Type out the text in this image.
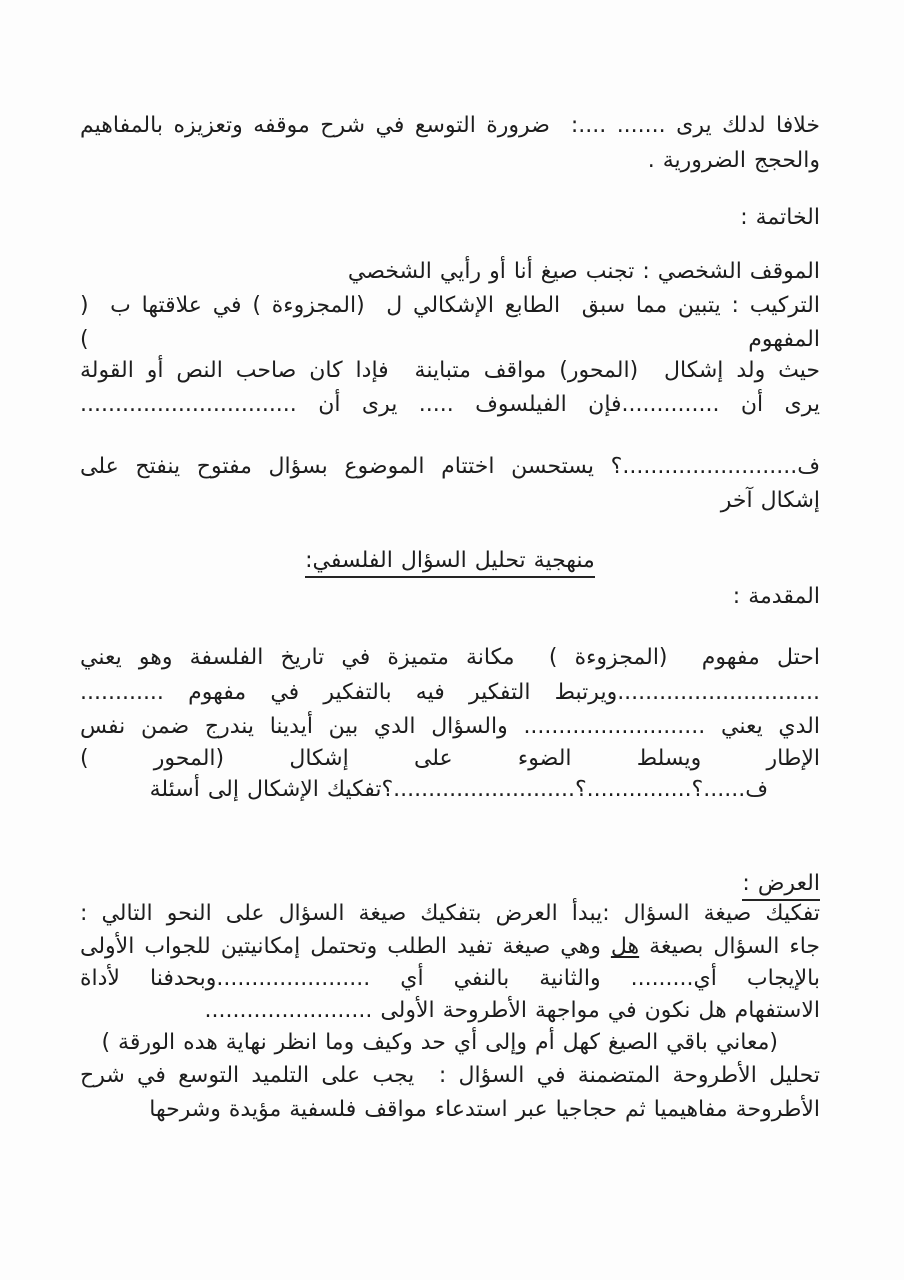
خلافا لدلك يرى ....... ....:  ضرورة التوسع في شرح موقفه وتعزيزه بالمفاهيم
والحجج الضرورية .
الخاتمة :
الموقف الشخصي : تجنب صيغ أنا أو رأيي الشخصي
التركيب : يتبين مما سبق  الطابع الإشكالي ل  (المجزوءة ) في علاقتها ب  (
المفهوم )
حيث ولد إشكال  (المحور) مواقف متباينة  فإدا كان صاحب النص أو القولة
يرى أن ..............فإن الفيلسوف ..... يرى أن ...............................
ف.........................؟ يستحسن اختتام الموضوع بسؤال مفتوح ينفتح على
إشكال آخر
منهجية تحليل السؤال الفلسفي:
المقدمة :
احتل مفهوم  (المجزوءة )  مكانة متميزة في تاريخ الفلسفة وهو يعني
.............................ويرتبط التفكير فيه بالتفكير في مفهوم ............
الدي يعني .......................... والسؤال الدي بين أيدينا يندرج ضمن نفس
الإطار ويسلط الضوء على إشكال (المحور )
ف......؟...............؟..........................؟تفكيك الإشكال إلى أسئلة
العرض :
تفكيك صيغة السؤال :يبدأ العرض بتفكيك صيغة السؤال على النحو التالي :
جاء السؤال بصيغة هل وهي صيغة تفيد الطلب وتحتمل إمكانيتين للجواب الأولى
بالإيجاب أي......... والثانية بالنفي أي ......................وبحدفنا لأداة
الاستفهام هل نكون في مواجهة الأطروحة الأولى ........................
(معاني باقي الصيغ كهل أم وإلى أي حد وكيف وما انظر نهاية هده الورقة )
تحليل الأطروحة المتضمنة في السؤال :  يجب على التلميد التوسع في شرح
الأطروحة مفاهيميا ثم حجاجيا عبر استدعاء مواقف فلسفية مؤيدة وشرحها
